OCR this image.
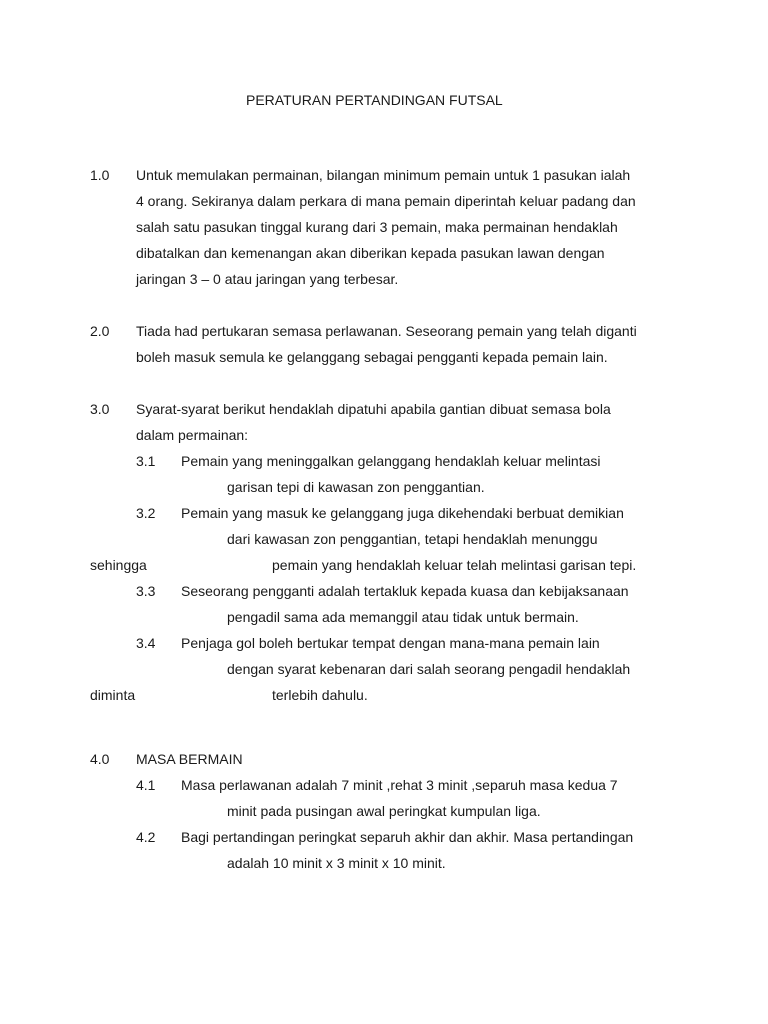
PERATURAN PERTANDINGAN FUTSAL
1.0 Untuk memulakan permainan, bilangan minimum pemain untuk 1 pasukan ialah
4 orang. Sekiranya dalam perkara di mana pemain diperintah keluar padang dan
salah satu pasukan tinggal kurang dari 3 pemain, maka permainan hendaklah
dibatalkan dan kemenangan akan diberikan kepada pasukan lawan dengan
jaringan 3 – 0 atau jaringan yang terbesar.
2.0 Tiada had pertukaran semasa perlawanan. Seseorang pemain yang telah diganti
boleh masuk semula ke gelanggang sebagai pengganti kepada pemain lain.
3.0 Syarat-syarat berikut hendaklah dipatuhi apabila gantian dibuat semasa bola
dalam permainan:
3.1 Pemain yang meninggalkan gelanggang hendaklah keluar melintasi
garisan tepi di kawasan zon penggantian.
3.2 Pemain yang masuk ke gelanggang juga dikehendaki berbuat demikian
dari kawasan zon penggantian, tetapi hendaklah menunggu
sehingga	pemain yang hendaklah keluar telah melintasi garisan tepi.
3.3 Seseorang pengganti adalah tertakluk kepada kuasa dan kebijaksanaan
pengadil sama ada memanggil atau tidak untuk bermain.
3.4 Penjaga gol boleh bertukar tempat dengan mana-mana pemain lain
dengan syarat kebenaran dari salah seorang pengadil hendaklah
diminta	terlebih dahulu.
4.0 MASA BERMAIN
4.1 Masa perlawanan adalah 7 minit ,rehat 3 minit ,separuh masa kedua 7
minit pada pusingan awal peringkat kumpulan liga.
4.2 Bagi pertandingan peringkat separuh akhir dan akhir. Masa pertandingan
adalah 10 minit x 3 minit x 10 minit.
